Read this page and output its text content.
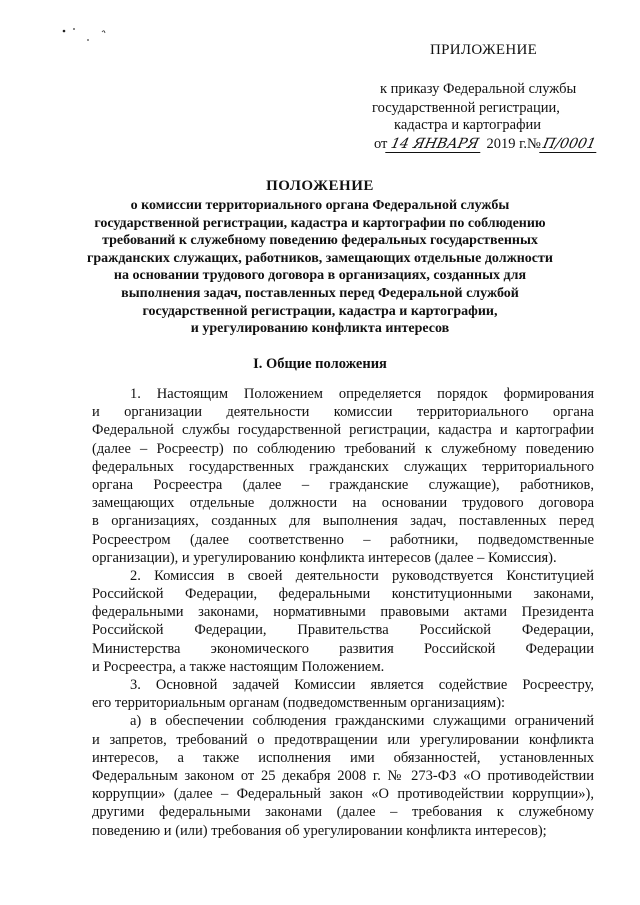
ПРИЛОЖЕНИЕ
к приказу Федеральной службы
государственной регистрации,
кадастра и картографии
от 14 ЯНВАРЯ 2019 г.№П/0001
ПОЛОЖЕНИЕ
о комиссии территориального органа Федеральной службы
государственной регистрации, кадастра и картографии по соблюдению
требований к служебному поведению федеральных государственных
гражданских служащих, работников, замещающих отдельные должности
на основании трудового договора в организациях, созданных для
выполнения задач, поставленных перед Федеральной службой
государственной регистрации, кадастра и картографии,
и урегулированию конфликта интересов
I. Общие положения
1. Настоящим Положением определяется порядок формирования
и организации деятельности комиссии территориального органа
Федеральной службы государственной регистрации, кадастра и картографии
(далее – Росреестр) по соблюдению требований к служебному поведению
федеральных государственных гражданских служащих территориального
органа Росреестра (далее – гражданские служащие), работников,
замещающих отдельные должности на основании трудового договора
в организациях, созданных для выполнения задач, поставленных перед
Росреестром (далее соответственно – работники, подведомственные
организации), и урегулированию конфликта интересов (далее – Комиссия).
2. Комиссия в своей деятельности руководствуется Конституцией
Российской Федерации, федеральными конституционными законами,
федеральными законами, нормативными правовыми актами Президента
Российской Федерации, Правительства Российской Федерации,
Министерства экономического развития Российской Федерации
и Росреестра, а также настоящим Положением.
3. Основной задачей Комиссии является содействие Росреестру,
его территориальным органам (подведомственным организациям):
а) в обеспечении соблюдения гражданскими служащими ограничений
и запретов, требований о предотвращении или урегулировании конфликта
интересов, а также исполнения ими обязанностей, установленных
Федеральным законом от 25 декабря 2008 г. № 273-ФЗ «О противодействии
коррупции» (далее – Федеральный закон «О противодействии коррупции»),
другими федеральными законами (далее – требования к служебному
поведению и (или) требования об урегулировании конфликта интересов);
